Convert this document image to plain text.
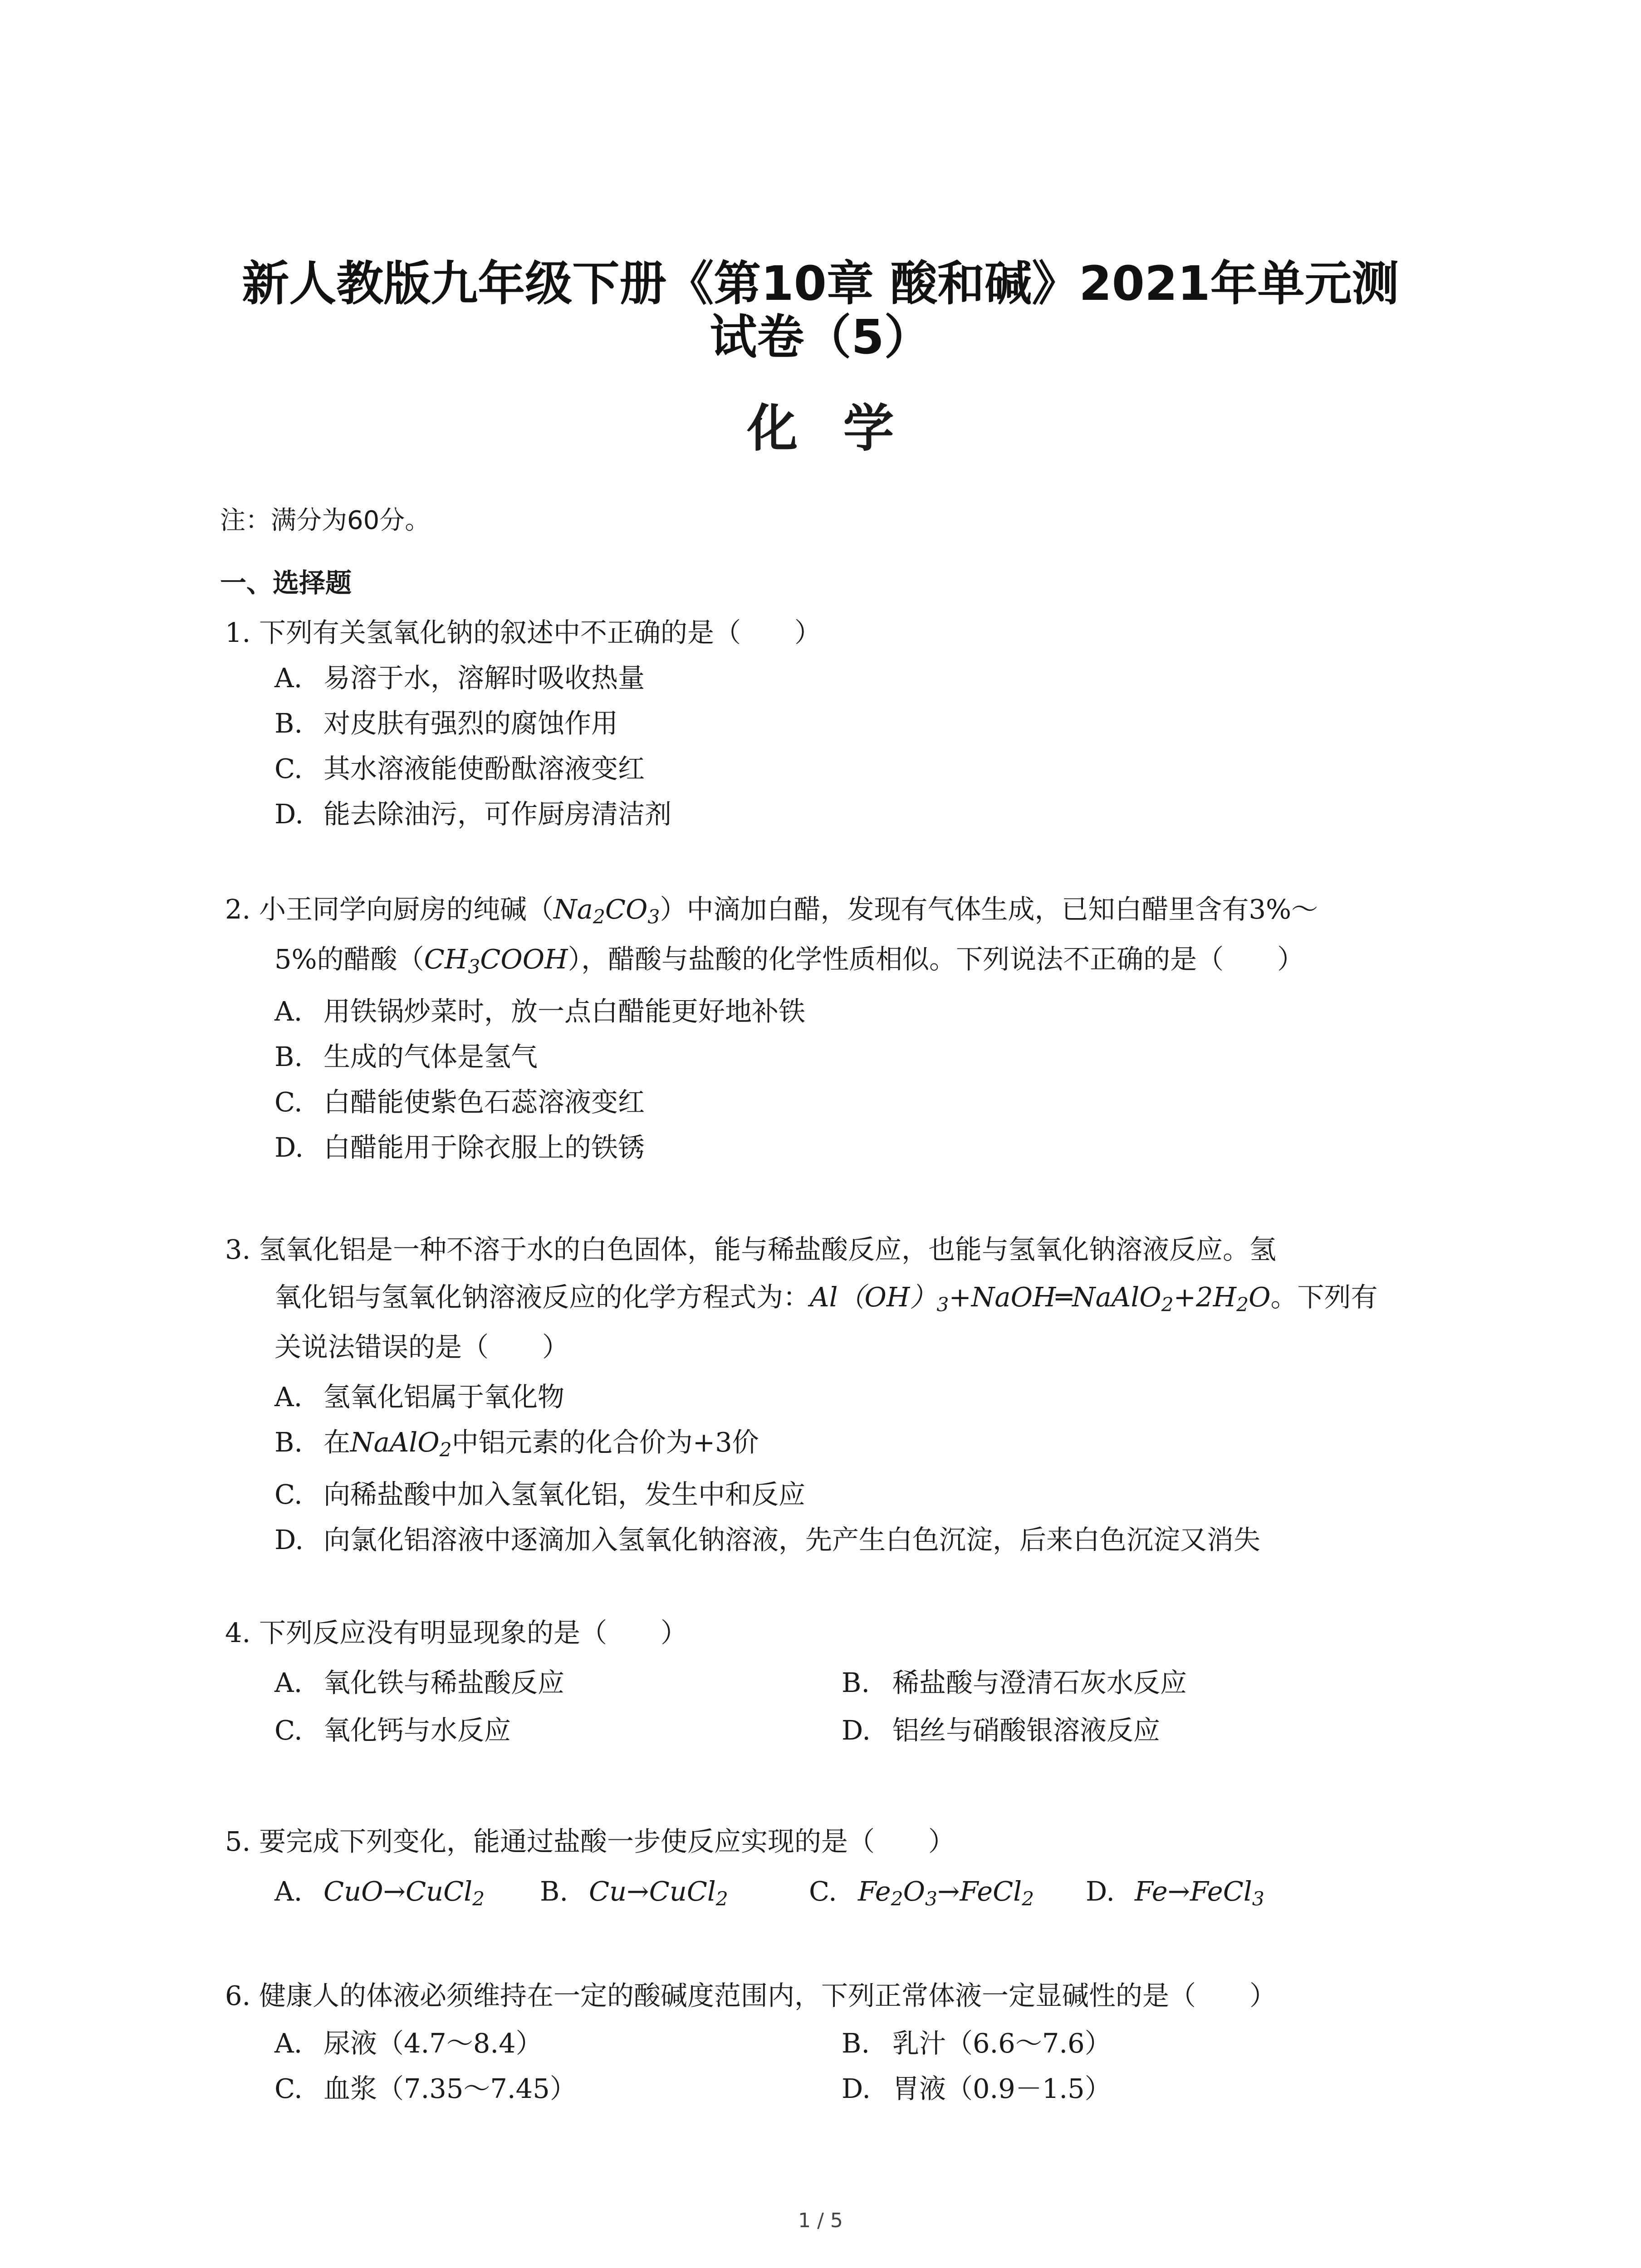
新人教版九年级下册《第10章 酸和碱》2021年单元测
试卷（5）
化学
注：满分为60分。
一、选择题
1. 下列有关氢氧化钠的叙述中不正确的是（　　）
A. 易溶于水，溶解时吸收热量
B. 对皮肤有强烈的腐蚀作用
C. 其水溶液能使酚酞溶液变红
D. 能去除油污，可作厨房清洁剂
2. 小王同学向厨房的纯碱$(Na_2CO_3)$中滴加白醋，发现有气体生成，已知白醋里含有3%～
5%的醋酸$(CH_3COOH)$，醋酸与盐酸的化学性质相似。下列说法不正确的是（　　）
A. 用铁锅炒菜时，放一点白醋能更好地补铁
B. 生成的气体是氢气
C. 白醋能使紫色石蕊溶液变红
D. 白醋能用于除衣服上的铁锈
3. 氢氧化铝是一种不溶于水的白色固体，能与稀盐酸反应，也能与氢氧化钠溶液反应。氢
氧化铝与氢氧化钠溶液反应的化学方程式为：$Al(OH)_3+NaOH═NaAlO_2+2H_2O$。下列有
关说法错误的是（　　）
A. 氢氧化铝属于氧化物
B. 在NaAlO$_2$中铝元素的化合价为+3价
C. 向稀盐酸中加入氢氧化铝，发生中和反应
D. 向氯化铝溶液中逐滴加入氢氧化钠溶液，先产生白色沉淀，后来白色沉淀又消失
4. 下列反应没有明显现象的是（　　）
A. 氧化铁与稀盐酸反应	B. 稀盐酸与澄清石灰水反应
C. 氧化钙与水反应	D. 铝丝与硝酸银溶液反应
5. 要完成下列变化，能通过盐酸一步使反应实现的是（　　）
A. CuO→CuCl$_2$ B. Cu→CuCl$_2$	C. $Fe_2O_3\to FeCl_2$ D. Fe→FeCl$_3$
6. 健康人的体液必须维持在一定的酸碱度范围内，下列正常体液一定显碱性的是（　　）
A. 尿液（4.7～8.4）	B. 乳汁（6.6～7.6）
C. 血浆（7.35～7.45）	D. 胃液（0.9－1.5）
1 / 5
